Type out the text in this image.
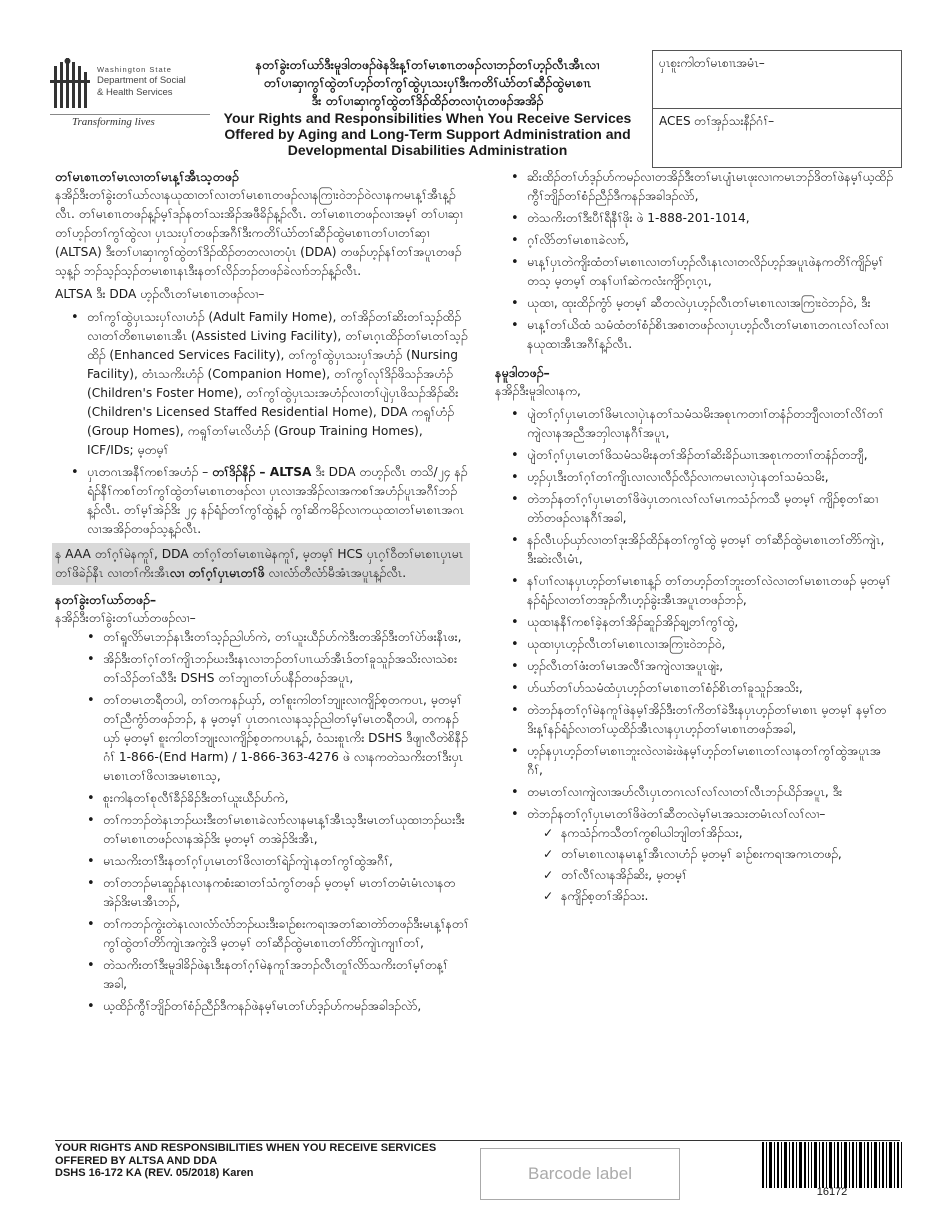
Washington State
Department of Social
& Health Services
Transforming lives
နတၢ်ခွဲးတၢ်ယာ်ဒီးမူဒါတဖၣ်ဖဲနဒိးန့ၢ်တၢ်မၤစၢၤတဖၣ်လၢဘၣ်တၢ်ဟ့ၣ်လီၤအီၤလၢ
တၢ်ပၢဆှၢကွၢ်ထွဲတၢ်ဟ့ၣ်တၢ်ကွၢ်ထွဲပှၤသးပှၢ်ဒီးကတိၢ်ယံာ်တၢ်ဆီၣ်ထွဲမၤစၢၤ
ဒီး တၢ်ပၢဆှၢကွၢ်ထွဲတၢ်ဒိၣ်ထိၣ်တလၢပုံၤတဖၣ်အအိၣ်
Your Rights and Responsibilities When You Receive Services
Offered by Aging and Long-Term Support Administration and
Developmental Disabilities Administration
ပှၤစူးကါတၢ်မၤစၢၤအမံၤ–
ACES တၢ်အှၣ်သးနီၣ်ဂံၢ်–
တၢ်မၤစၢၤတၢ်မၤလၢတၢ်မၤန့ၢ်အီၤသ့တဖၣ်

နအိၣ်ဒီးတၢ်ခွဲးတၢ်ယာ်လၢနယုထၢတၢ်လၢတၢ်မၤစၢၤတဖၣ်လၢနကြၢးဝဲဘၣ်ဝဲလၢနကမၤန့ၢ်အီၤန့ၣ်လီၤ. တၢ်မၤစၢၤတဖၣ်န့ၣ်မ့ၢ်ဒၣ်နတၢ်သးအိၣ်အဖီခိၣ်န့ၣ်လီၤ. တၢ်မၤစၢၤတဖၣ်လၢအမ့ၢ် တၢ်ပၢဆှၢတၢ်ဟ့ၣ်တၢ်ကွၢ်ထွဲလၢ ပှၤသးပှၢ်တဖၣ်အဂီၢ်ဒီးကတိၢ်ယံာ်တၢ်ဆီၣ်ထွဲမၤစၢၤတၢ်ပၢတၢ်ဆှၢ (ALTSA) ဒီးတၢ်ပၢဆှၢကွၢ်ထွဲတၢ်ဒိၣ်ထိၣ်တတလၢတပုံၤ (DDA) တဖၣ်ဟ့ၣ်နၢ်တၢ်အပူၤတဖၣ်သ့န့ၣ် ဘၣ်သ့ၣ်သ့ၣ်တမၤစၢၤနၤဒီးနတၢ်လိၣ်ဘၣ်တဖၣ်ခဲလၢာ်ဘၣ်န့ၣ်လီၤ.

ALTSA ဒီး DDA ဟ့ၣ်လီၤတၢ်မၤစၢၤတဖၣ်လၢ–

• တၢ်ကွၢ်ထွဲပှၤသးပှၢ်လၢဟံၣ် (Adult Family Home), တၢ်အိၣ်တၢ်ဆိးတၢ်သ့ၣ်ထိၣ်လၢတၢ်တိစၢၤမၤစၢၤအီၤ (Assisted Living Facility), တၢ်မၤဂ့ၤထိၣ်တၢ်မၤတၢ်သ့ၣ်ထိၣ် (Enhanced Services Facility), တၢ်ကွၢ်ထွဲပှၤသးပှၢ်အဟံၣ် (Nursing Facility), တံၤသကိးဟံၣ် (Companion Home), တၢ်ကွၢ်လုၢ်ဒိၣ်ဖိသၣ်အဟံၣ် (Children's Foster Home), တၢ်ကွၢ်ထွဲပှၤသးအဟံၣ်လၢတၢ်ပျဲပှၤဖိသၣ်အိၣ်ဆိး (Children's Licensed Staffed Residential Home), DDA ကရူၢ်ဟံၣ် (Group Homes), ကရူၢ်တၢ်မၤလိဟံၣ် (Group Training Homes), ICF/IDs; မ့တမ့ၢ်
• ပှၤတဂၤအနီၢ်ကစၢ်အဟံၣ် – တၢ်ဒိၣ်နီၣ် – ALTSA ဒီး DDA တဟ့ၣ်လီၤ တသိ/၂၄ နၣ်ရံၣ်နီၢ်ကစၢ်တၢ်ကွၢ်ထွဲတၢ်မၤစၢၤတဖၣ်လၢ ပှၤလၢအအိၣ်လၢအကစၢ်အဟံၣ်ပူၤအဂီၢ်ဘၣ်န့ၣ်လီၤ. တၢ်မ့ၢ်အဲၣ်ဒိး ၂၄ နၣ်ရံၣ်တၢ်ကွၢ်ထွဲန့ၣ် ကွၢ်ဆိကမိၣ်လၢကယုထၢတၢ်မၤစၢၤအဂၤလၢအအိၣ်တဖၣ်သ့န့ၣ်လီၤ.
န AAA တၢ်ဂ့ၢ်မဲနကူၢ်, DDA တၢ်ဂ့ၢ်တၢ်မၤစၢၤမဲနကူၢ်, မ့တမ့ၢ် HCS ပှၤဂ့ၢ်ဝီတၢ်မၤစၢၤပှၤမၤတၢ်ဖိခဲၣ်နီၤ လၢတၢ်ကိးအီၤလၢ တၢ်ဂ့ၢ်ပှၤမၤတၢ်ဖိ လၢလံာ်တီလံာ်မီအံၤအပူၤန့ၣ်လီၤ.
နတၢ်ခွဲးတၢ်ယာ်တဖၣ်–

နအိၣ်ဒီးတၢ်ခွဲးတၢ်ယာ်တဖၣ်လၢ–

• တၢ်ရူလိာ်မၤဘၣ်နၤဒီးတၢ်သ့ၣ်ညါဟ်ကဲ, တၢ်ယူးယီၣ်ဟ်ကဲဒီးတအိၣ်ဒီးတၢ်ပဲာ်ဖးနီၤဖး,
• အိၣ်ဒီးတၢ်ဂ့ၢ်တၢ်ကျိၤဘၣ်ဃးဒီးနၤလၢဘၣ်တၢ်ပၢၤယာ်အီၤဒ်တၢ်ခူသူၣ်အသိးလၢသဲစးတၢ်သိၣ်တၢ်သီဒီး DSHS တၢ်ဘျၢတၢ်ဟ်ပနီၣ်တဖၣ်အပူၤ,
• တၢ်တမၤတရီတပါ, တၢ်တကနၣ်ယှာ်, တၢ်စူးကါတၢ်ဘျုးလၢကျိၣ်စ့တကပၤ, မ့တမ့ၢ် တၢ်ညီကွံာ်တဖၣ်ဘၣ်, န မ့တမ့ၢ် ပှၤတဂၤလၢနသ့ၣ်ညါတၢ်မ့ၢ်မၤတရီတပါ, တကနၣ်ယှာ် မ့တမ့ၢ် စူးကါတၢ်ဘျုးလၢကျိၣ်စ့တကပၤန့ၣ်, ဝံသးစူၤကိး DSHS ဒီဖျၢလီတဲစိနီၣ်ဂံၢ် 1-866-(End Harm) / 1-866-363-4276 ဖဲ လၢနကတဲသကိးတၢ်ဒီးပှၤမၤစၢၤတၢ်ဖိလၢအမၤစၢၤသ့,
• စူးကါနတၢ်စုလီၢ်ခီၣ်ခိၣ်ဒီးတၢ်ယူးယီၣ်ဟ်ကဲ,
• တၢ်ကဘၣ်တဲနၤဘၣ်ဃးဒီးတၢ်မၤစၢၤခဲလၢာ်လၢနမၤန့ၢ်အီၤသ့ဒီးမၤတၢ်ယုထၢဘၣ်ဃးဒီးတၢ်မၤစၢၤတဖၣ်လၢနအဲၣ်ဒိး မ့တမ့ၢ် တအဲၣ်ဒိးအီၤ,
• မၤသကိးတၢ်ဒီးနတၢ်ဂ့ၢ်ပှၤမၤတၢ်ဖိလၢတၢ်ရဲၣ်ကျဲၤနတၢ်ကွၢ်ထွဲအဂီၢ်,
• တၢ်တဘၣ်မၤဆူၣ်နၤလၢနကစံးဆၢတၢ်သံကွၢ်တဖၣ် မ့တမ့ၢ် မၤတၢ်တမံၤမံၤလၢနတအဲၣ်ဒိးမၤအီၤဘၣ်,
• တၢ်ကဘၣ်ကွဲးတဲနၤလၢလံာ်လံာ်ဘၣ်ဃးဒီးခၢဉ်စးကရၢအတၢ်ဆၢတဲာ်တဖၣ်ဒီးမၤန့ၢ်နတၢ်ကွၢ်ထွဲတၢ်တိာ်ကျဲၤအကွဲးဒိ မ့တမ့ၢ် တၢ်ဆီၣ်ထွဲမၤစၢၤတၢ်တိာ်ကျဲၤကျၢၢ်တၢ်,
• တဲသကိးတၢ်ဒီးမူဒါခိၣ်ဖဲနၤဒီးနတၢ်ဂ့ၢ်မဲနကူၢ်အဘၣ်လီၤတူၢ်လိာ်သကိးတၢ်မ့ၢ်တန့ၢ်အခါ,
• ယ့ထိၣ်ကွီၢ်ဘျိၣ်တၢ်စံၣ်ညီၣ်ဒီကနၣ်ဖဲနမ့ၢ်မၤတၢ်ဟ်ဒ့ၣ်ဟ်ကမၣ်အခါဒၣ်လဲာ်,
• ဆိးထိၣ်တၢ်ဟ်ဒ့ၣ်ဟ်ကမၣ်လၢတအိၣ်ဒီးတၢ်မၤပျံၤမၤဖုးလၢကမၤဘၣ်ဒိတၢ်ဖဲနမ့ၢ်ယ့ထိၣ်ကွီၢ်ဘျိၣ်တၢ်စံၣ်ညီၣ်ဒီကနၣ်အခါဒၣ်လဲာ်,
• တဲသကိးတၢ်ဒီးပီၢ်ရီနီၢ်ဖိုး ဖဲ 1-888-201-1014,
• ဂ့ၢ်လိာ်တၢ်မၤစၢၤခဲလၢာ်,
• မၤန့ၢ်ပှၤတဲကျိးထံတၢ်မၤစၢၤလၢတၢ်ဟ့ၣ်လီၤနၤလၢတလိၣ်ဟ့ၣ်အပူၤဖဲနကတိၢ်ကျိၣ်မ့ၢ်တသ့ မ့တမ့ၢ် တနၢ်ပၢၢ်ဆဲကလံးကျိာ်ဂ့ၤဂ့ၤ,
• ယုထၢ, ထုးထိၣ်ကွံာ် မ့တမ့ၢ် ဆီတလဲပှၤဟ့ၣ်လီၤတၢ်မၤစၢၤလၢအကြၢးဝဲဘၣ်ဝဲ, ဒီး
• မၤန့ၢ်တၢ်ယိထံ သမံထံတၢ်စံၣ်စိၤအစၢတဖၣ်လၢပှၤဟ့ၣ်လီၤတၢ်မၤစၢၤတဂၤလၢ်လၢ်လၢနယုထၢအီၤအဂီၢ်န့ၣ်လီၤ.
နမူဒါတဖၣ်–

နအိၣ်ဒီးမူဒါလၢနက,

• ပျဲတၢ်ဂ့ၢ်ပှၤမၤတၢ်ဖိမၤလၢပှဲၤနတၢ်သမံသမိးအစုၤကတၢၢ်တနံၣ်တဘျီလၢတၢ်လိၢ်တၢ်ကျဲလၢနအညီအဘှါလၢနဂီၢ်အပူၤ,
• ပျဲတၢ်ဂ့ၢ်ပှၤမၤတၢ်ဖိသမံသမိးနတၢ်အိၣ်တၢ်ဆိးခိၣ်ယၢၤအစုၤကတၢၢ်တနံၣ်တဘျီ,
• ဟ့ၣ်ပှၤဒီးတၢ်ဂ့ၢ်တၢ်ကျိၤလၢလၢလီၣ်လီၣ်လၢကမၤလၢပှဲၤနတၢ်သမံသမိး,
• တဲဘၣ်နတၢ်ဂ့ၢ်ပှၤမၤတၢ်ဖိဖဲပှၤတဂၤလၢ်လၢ်မၤကသံၣ်ကသီ မ့တမ့ၢ် ကျိၣ်စ့တၢ်ဆၢတဲာ်တဖၣ်လၢနဂီၢ်အခါ,
• နၣ်လီၤပၣ်ယှာ်လၢတၢ်ဒုးအိၣ်ထိၣ်နတၢ်ကွၢ်ထွဲ မ့တမ့ၢ် တၢ်ဆီၣ်ထွဲမၤစၢၤတၢ်တိာ်ကျဲၤ, ဒီးဆဲးလီၤမံၤ,
• နၢ်ပၢၢ်လၢနပှၤဟ့ၣ်တၢ်မၤစၢၤန့ၣ် တၢ်တဟ့ၣ်တၢ်ဘူးတၢ်လဲလၢတၢ်မၤစၢၤတဖၣ် မ့တမ့ၢ် နၣ်ရံၣ်လၢတၢ်တအုၣ်ကီၤဟ့ၣ်ခွဲးအီၤအပူၤတဖၣ်ဘၣ်,
• ယုထၢနနီၢ်ကစၢ်ခဲ့နတၢ်အိၣ်ဆူၣ်အိၣ်ချ့တၢ်ကွၢ်ထွဲ,
• ယုထၢပှၤဟ့ၣ်လီၤတၢ်မၤစၢၤလၢအကြၢးဝဲဘၣ်ဝဲ,
• ဟ့ၣ်လီၤတၢ်ဖံးတၢ်မၤအလီၢ်အကျဲလၢအပူၤဖျဲး,
• ပာ်ယာ်တၢ်ဟ်သမံထံပှၤဟ့ၣ်တၢ်မၤစၢၤတၢ်စံၣ်စိၤတၢ်ခူသူၣ်အသိး,
• တဲဘၣ်နတၢ်ဂ့ၢ်မဲနကူၢ်ဖဲနမ့ၢ်အိၣ်ဒီးတၢ်ကိတၢ်ခဲဒီးနပှၤဟ့ၣ်တၢ်မၤစၢၤ မ့တမ့ၢ် နမ့ၢ်တဒိးန့ၢ်နၣ်ရံၣ်လၢတၢ်ယ့ထိၣ်အီၤလၢနပှၤဟ့ၣ်တၢ်မၤစၢၤတဖၣ်အခါ,
• ဟ့ၣ်နပှၤဟ့ၣ်တၢ်မၤစၢၤဘူးလဲလၢခဲးဖဲနမ့ၢ်ဟ့ၣ်တၢ်မၤစၢၤတၢ်လၢနတၢ်ကွၢ်ထွဲအပူၤအဂီၢ်,
• တမၤတၢ်လၢကျဲလၢအဟ်လီၤပှၤတဂၤလၢ်လၢ်လၢတၢ်လီၤဘၣ်ယိၣ်အပူၤ, ဒီး
• တဲဘၣ်နတၢ်ဂ့ၢ်ပှၤမၤတၢ်ဖိဖဲတၢ်ဆီတလဲမ့ၢ်မၤအသးတမံၤလၢ်လၢ်လၢ–
✓ နကသံၣ်ကသီတၢ်ကွစါယါဘျါတၢ်အိၣ်သး,
✓ တၢ်မၤစၢၤလၢနမၤန့ၢ်အီၤလၢဟံၣ် မ့တမ့ၢ် ခၢဉ်စးကရၢအကၤတဖၣ်,
✓ တၢ်လီၢ်လၢနအိၣ်ဆိး, မ့တမ့ၢ်
✓ နကျိၣ်စ့တၢ်အိၣ်သး.
YOUR RIGHTS AND RESPONSIBILITIES WHEN YOU RECEIVE SERVICES
OFFERED BY ALTSA AND DDA
DSHS 16-172 KA (REV. 05/2018) Karen	Barcode label
16172
